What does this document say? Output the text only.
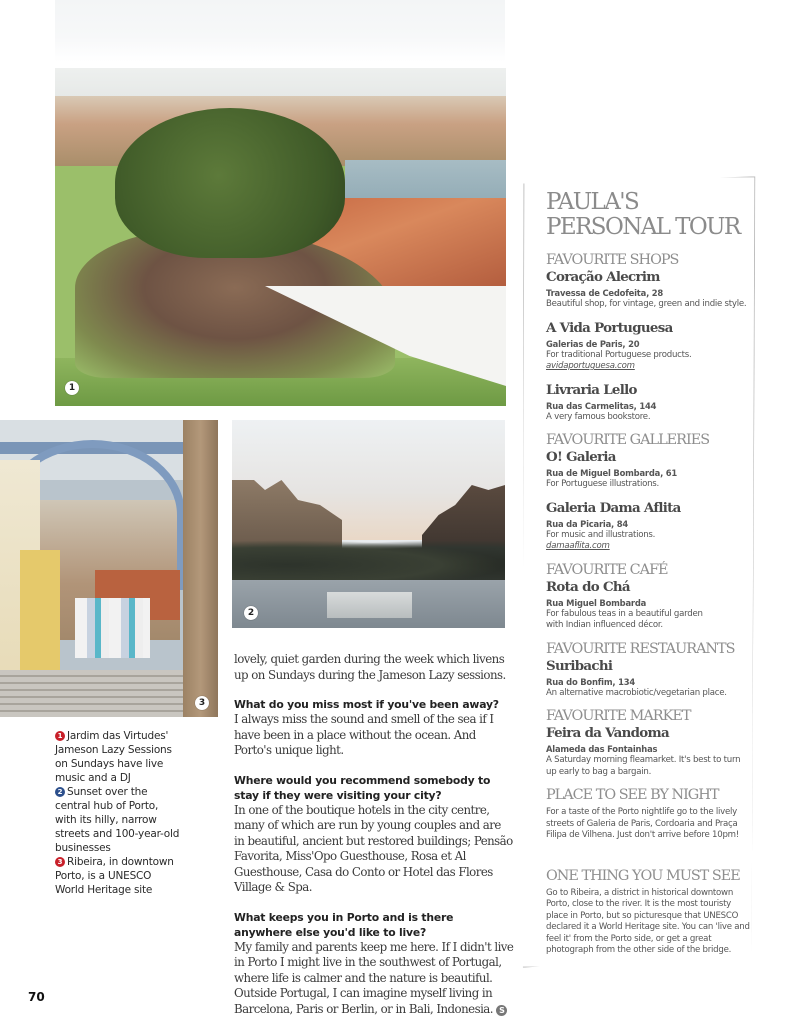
1
3
2
1 Jardim das Virtudes' Jameson Lazy Sessions on Sundays have live music and a DJ
2 Sunset over the central hub of Porto, with its hilly, narrow streets and 100-year-old businesses
3 Ribeira, in downtown Porto, is a UNESCO World Heritage site

lovely, quiet garden during the week which livens up on Sundays during the Jameson Lazy sessions.

What do you miss most if you've been away?

I always miss the sound and smell of the sea if I have been in a place without the ocean. And Porto's unique light.

Where would you recommend somebody to stay if they were visiting your city?

In one of the boutique hotels in the city centre, many of which are run by young couples and are in beautiful, ancient but restored buildings; Pensão Favorita, Miss'Opo Guesthouse, Rosa et Al Guesthouse, Casa do Conto or Hotel das Flores Village & Spa.

What keeps you in Porto and is there anywhere else you'd like to live?

My family and parents keep me here. If I didn't live in Porto I might live in the southwest of Portugal, where life is calmer and the nature is beautiful. Outside Portugal, I can imagine myself living in Barcelona, Paris or Berlin, or in Bali, Indonesia. S

PAULA'S
PERSONAL TOUR
FAVOURITE SHOPS
Coração Alecrim
Travessa de Cedofeita, 28
Beautiful shop, for vintage, green and indie style.
A Vida Portuguesa
Galerias de Paris, 20
For traditional Portuguese products.
avidaportuguesa.com
Livraria Lello
Rua das Carmelitas, 144
A very famous bookstore.
FAVOURITE GALLERIES
O! Galeria
Rua de Miguel Bombarda, 61
For Portuguese illustrations.
Galeria Dama Aflita
Rua da Picaria, 84
For music and illustrations.
damaaflita.com
FAVOURITE CAFÉ
Rota do Chá
Rua Miguel Bombarda
For fabulous teas in a beautiful garden with Indian influenced décor.
FAVOURITE RESTAURANTS
Suribachi
Rua do Bonfim, 134
An alternative macrobiotic/vegetarian place.
FAVOURITE MARKET
Feira da Vandoma
Alameda das Fontainhas
A Saturday morning fleamarket. It's best to turn up early to bag a bargain.
PLACE TO SEE BY NIGHT
For a taste of the Porto nightlife go to the lively streets of Galeria de Paris, Cordoaria and Praça Filipa de Vilhena. Just don't arrive before 10pm!
ONE THING YOU MUST SEE
Go to Ribeira, a district in historical downtown Porto, close to the river. It is the most touristy place in Porto, but so picturesque that UNESCO declared it a World Heritage site. You can 'live and feel it' from the Porto side, or get a great photograph from the other side of the bridge.
70
